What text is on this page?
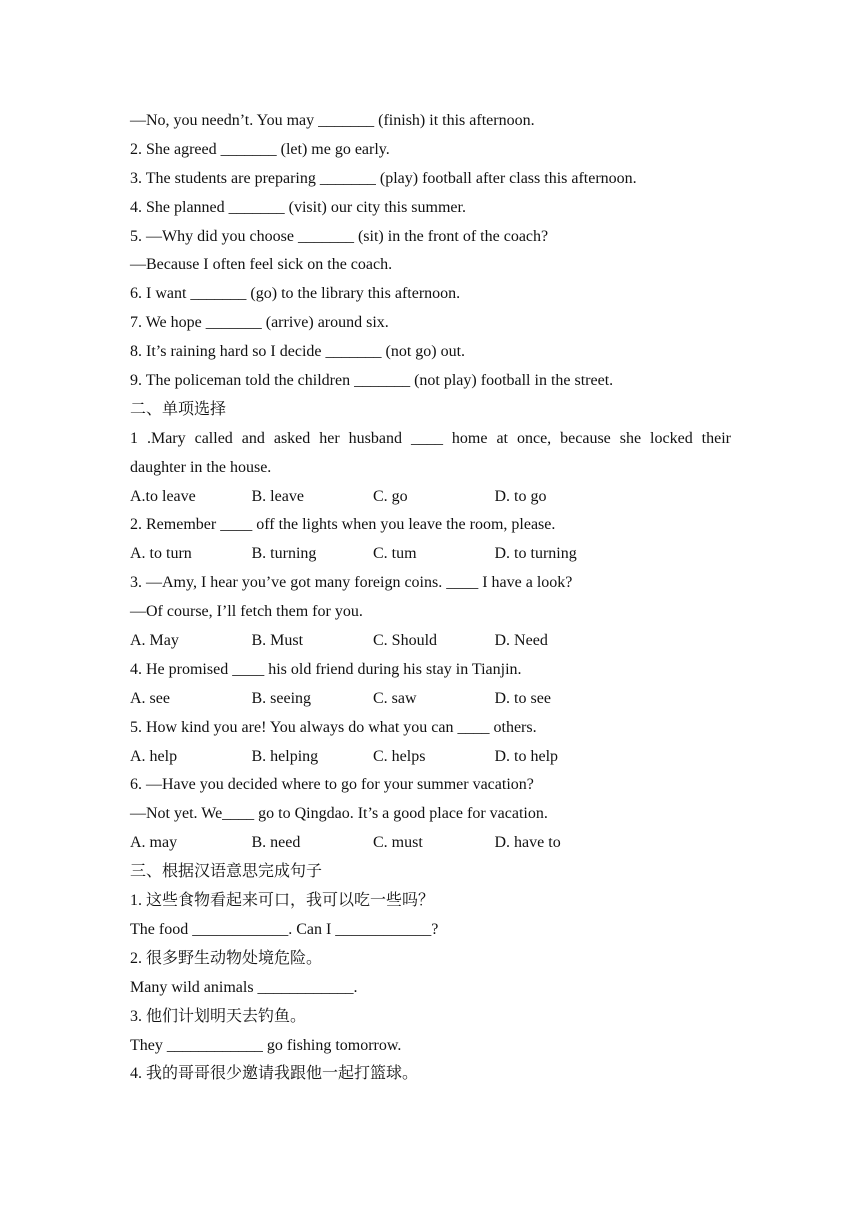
—No, you needn’t. You may _______ (finish) it this afternoon.
2. She agreed _______ (let) me go early.
3. The students are preparing _______ (play) football after class this afternoon.
4. She planned _______ (visit) our city this summer.
5. —Why did you choose _______ (sit) in the front of the coach?
—Because I often feel sick on the coach.
6. I want _______ (go) to the library this afternoon.
7. We hope _______ (arrive) around six.
8. It’s raining hard so I decide _______ (not go) out.
9. The policeman told the children _______ (not play) football in the street.
二、单项选择
1 .Mary called and asked her husband ____ home at once, because she locked their
daughter in the house.
A.to leave	B. leave	C. go	D. to go
2. Remember ____ off the lights when you leave the room, please.
A. to turn	B. turning	C. tum	D. to turning
3. —Amy, I hear you’ve got many foreign coins. ____ I have a look?
—Of course, I’ll fetch them for you.
A. May	B. Must	C. Should	D. Need
4. He promised ____ his old friend during his stay in Tianjin.
A. see	B. seeing	C. saw	D. to see
5. How kind you are! You always do what you can ____ others.
A. help	B. helping	C. helps	D. to help
6. —Have you decided where to go for your summer vacation?
—Not yet. We____ go to Qingdao. It’s a good place for vacation.
A. may	B. need	C. must	D. have to
三、根据汉语意思完成句子
1. 这些食物看起来可口，我可以吃一些吗？
The food ____________. Can I ____________?
2. 很多野生动物处境危险。
Many wild animals ____________.
3. 他们计划明天去钓鱼。
They ____________ go fishing tomorrow.
4. 我的哥哥很少邀请我跟他一起打篮球。
